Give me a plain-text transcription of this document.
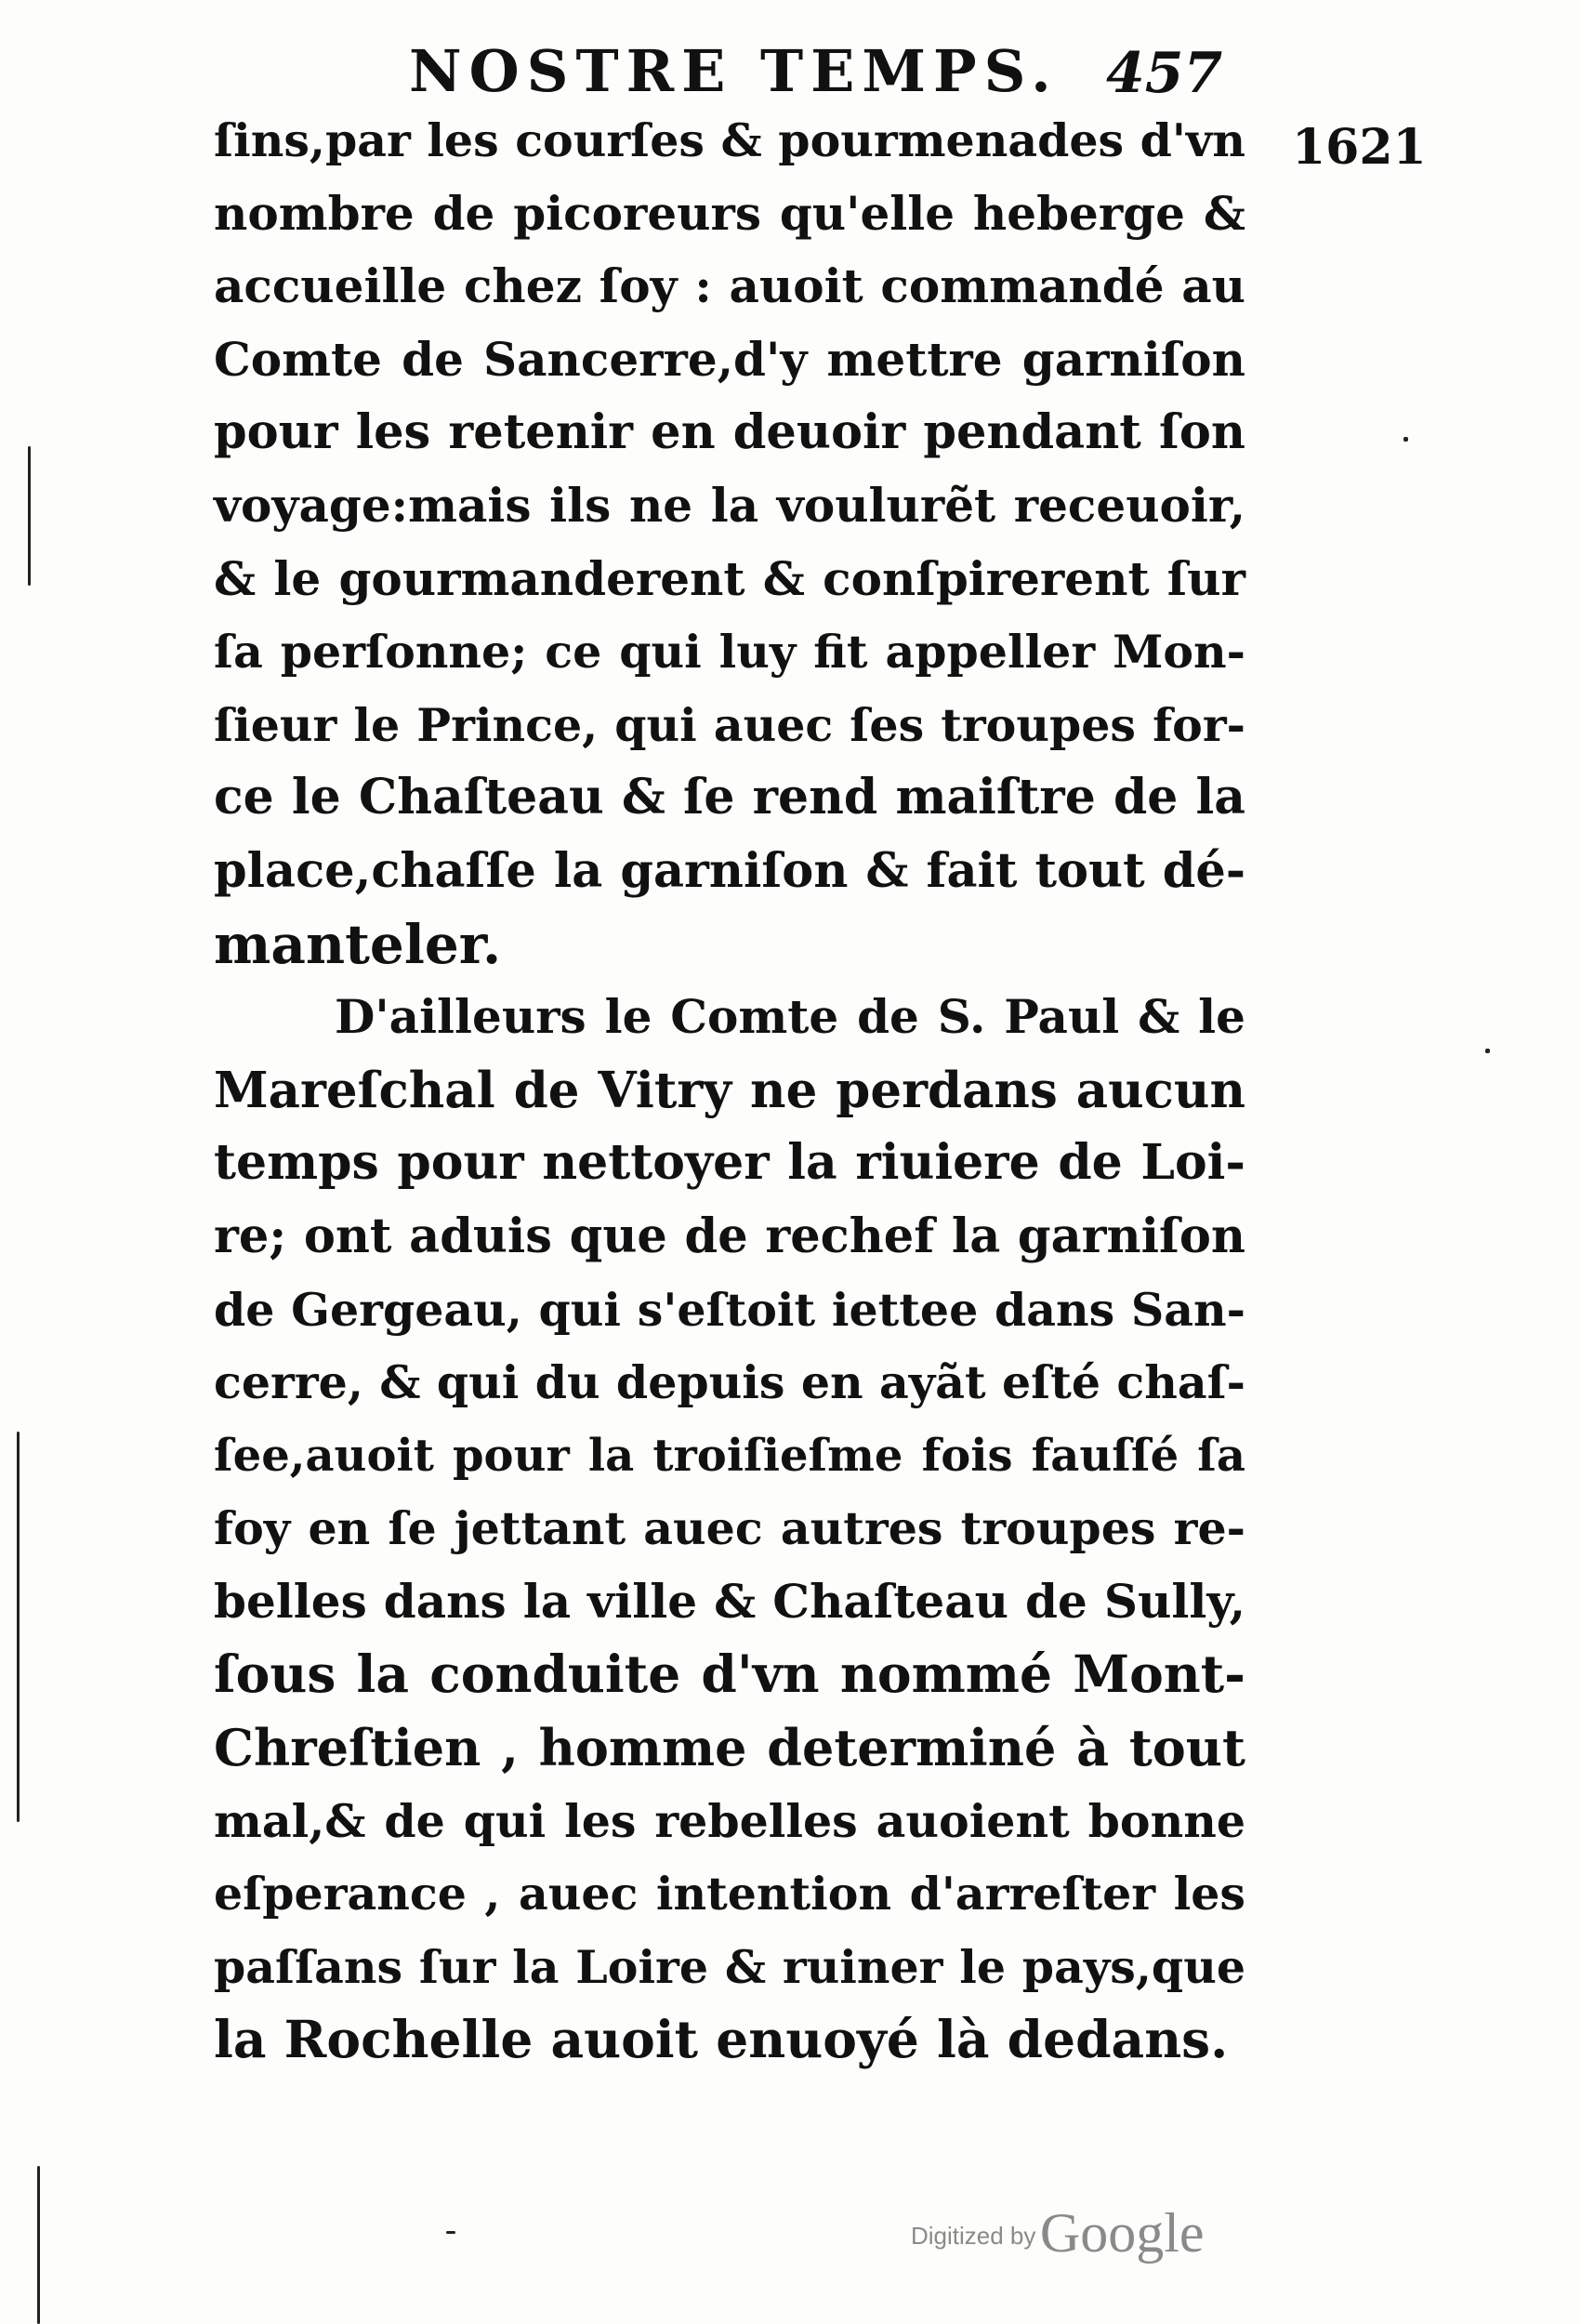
NOSTRE TEMPS. 457
1621
ſins,par les courſes & pourmenades d'vn
nombre de picoreurs qu'elle heberge &
accueille chez ſoy : auoit commandé au
Comte de Sancerre,d'y mettre garniſon
pour les retenir en deuoir pendant ſon
voyage:mais ils ne la voulurẽt receuoir,
& le gourmanderent & conſpirerent ſur
ſa perſonne; ce qui luy fit appeller Mon-
ſieur le Prince, qui auec ſes troupes for-
ce le Chaſteau & ſe rend maiſtre de la
place,chaſſe la garniſon & fait tout dé-
manteler.
D'ailleurs le Comte de S. Paul & le
Mareſchal de Vitry ne perdans aucun
temps pour nettoyer la riuiere de Loi-
re; ont aduis que de rechef la garniſon
de Gergeau, qui s'eſtoit iettee dans San-
cerre, & qui du depuis en ayãt eſté chaſ-
ſee,auoit pour la troiſieſme fois fauſſé ſa
foy en ſe jettant auec autres troupes re-
belles dans la ville & Chaſteau de Sully,
ſous la conduite d'vn nommé Mont-
Chreſtien , homme determiné à tout
mal,& de qui les rebelles auoient bonne
eſperance , auec intention d'arreſter les
paſſans ſur la Loire & ruiner le pays,que
la Rochelle auoit enuoyé là dedans.
Digitized by Google
